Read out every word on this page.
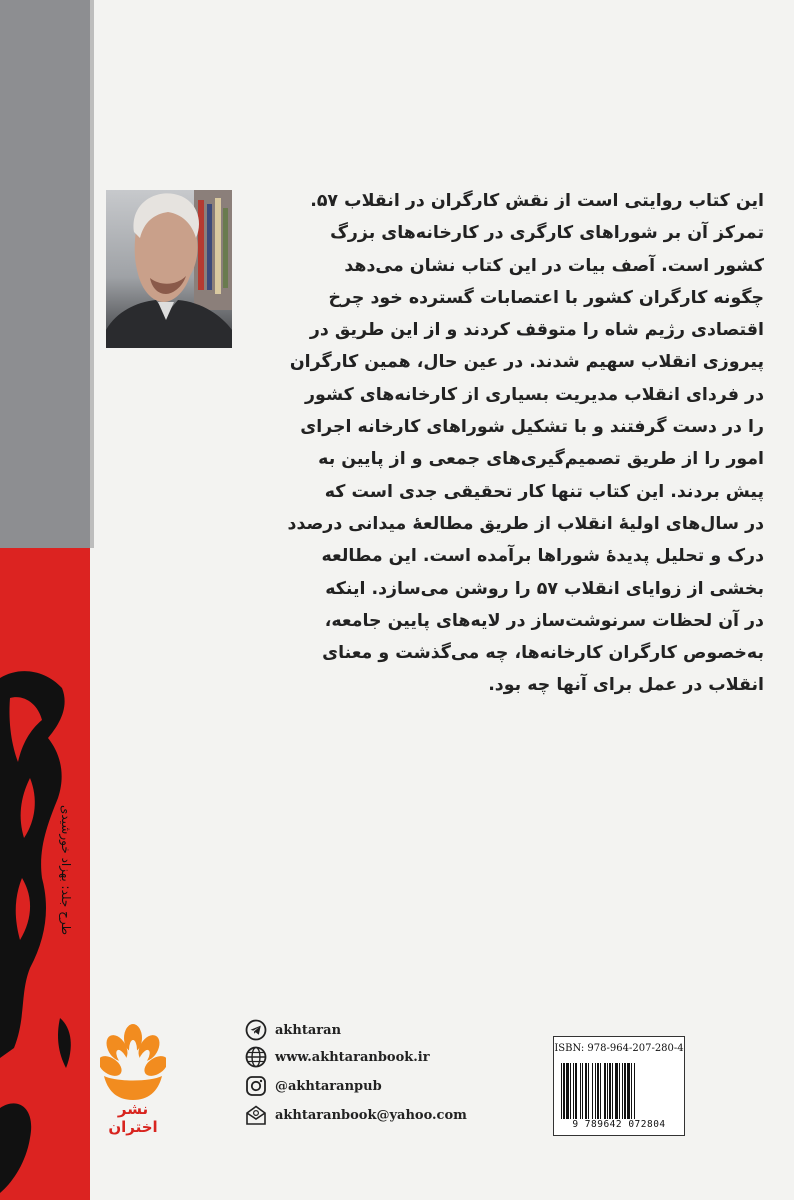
طرح جلد: بهزاد خورشیدی
این کتاب روایتی است از نقش کارگران در انقلاب ۵۷.
تمرکز آن بر شوراهای کارگری در کارخانه‌های بزرگ
کشور است. آصف بیات در این کتاب نشان می‌دهد
چگونه کارگران کشور با اعتصابات گسترده خود چرخ
اقتصادی رژیم شاه را متوقف کردند و از این طریق در
پیروزی انقلاب سهیم شدند. در عین حال، همین کارگران
در فردای انقلاب مدیریت بسیاری از کارخانه‌های کشور
را در دست گرفتند و با تشکیل شوراهای کارخانه اجرای
امور را از طریق تصمیم‌گیری‌های جمعی و از پایین به
پیش بردند. این کتاب تنها کار تحقیقی جدی است که
در سال‌های اولیهٔ انقلاب از طریق مطالعهٔ میدانی درصدد
درک و تحلیل پدیدهٔ شوراها برآمده است. این مطالعه
بخشی از زوایای انقلاب ۵۷ را روشن می‌سازد. اینکه
در آن لحظات سرنوشت‌ساز در لایه‌های پایین جامعه،
به‌خصوص کارگران کارخانه‌ها، چه می‌گذشت و معنای
انقلاب در عمل برای آنها چه بود.
نشر اختران
akhtaran
www.akhtaranbook.ir
@akhtaranpub
akhtaranbook@yahoo.com
ISBN: 978-964-207-280-4
9 789642 072804
